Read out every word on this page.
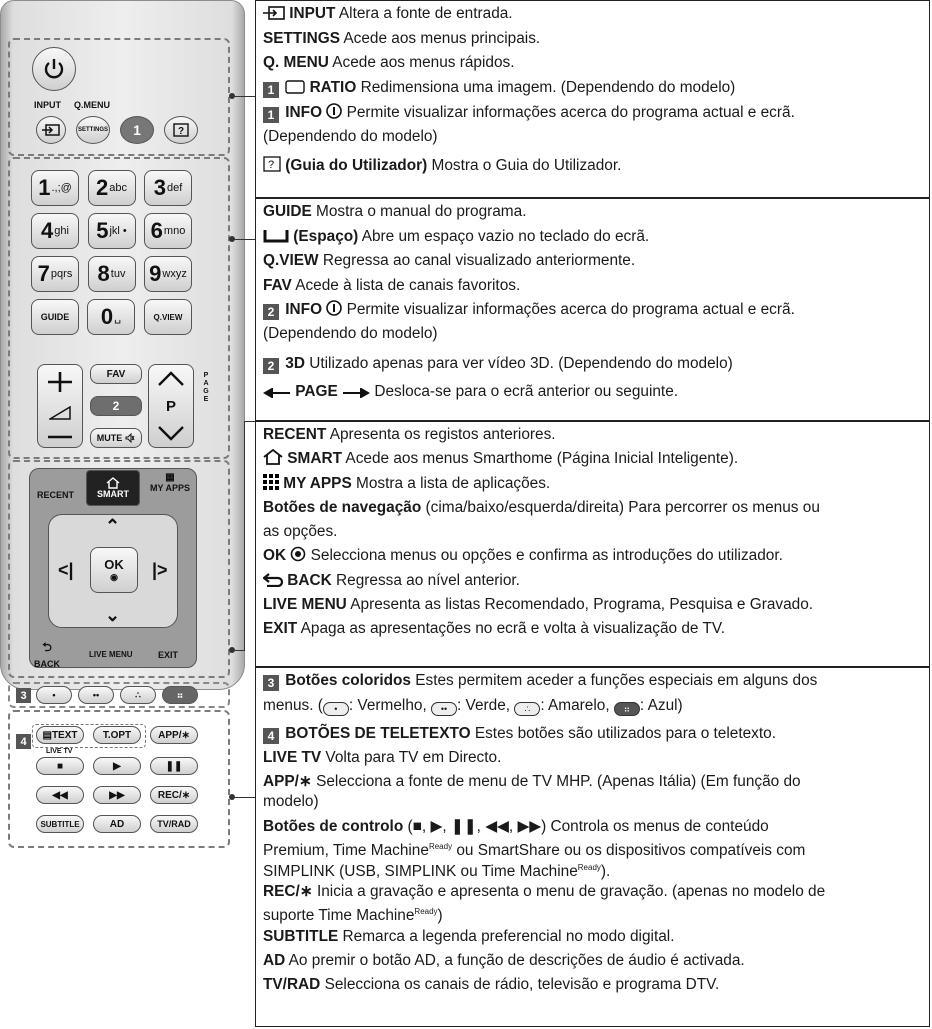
INPUT Q.MENU
SETTINGS	1	?
1 .,;@ 2 abc 3 def
4 ghi 5 jkl • 6 mno
7 pqrs 8 tuv 9 wxyz
GUIDE	0 ␣	Q.VIEW
FAV
2
MUTE
P
PAGE
RECENT	SMART
▦
MY APPS
⌃
<|	|>
⌄
OK
◉
⮌
BACK
LIVE MENU	EXIT
3	•	••	∴	⠶
4
▤ TEXT	T.OPT	APP/∗
LIVE TV
■	▶	❚❚
◀◀	▶▶	REC/∗
SUBTITLE	AD	TV/RAD
INPUT Altera a fonte de entrada.
SETTINGS Acede aos menus principais.
Q. MENU Acede aos menus rápidos.
1 RATIO Redimensiona uma imagem. (Dependendo do modelo)
1 INFO  Permite visualizar informações acerca do programa actual e ecrã.
(Dependendo do modelo)
? (Guia do Utilizador) Mostra o Guia do Utilizador.
GUIDE Mostra o manual do programa.
(Espaço) Abre um espaço vazio no teclado do ecrã.
Q.VIEW Regressa ao canal visualizado anteriormente.
FAV Acede à lista de canais favoritos.
2 INFO  Permite visualizar informações acerca do programa actual e ecrã.
(Dependendo do modelo)
2 3D Utilizado apenas para ver vídeo 3D. (Dependendo do modelo)
PAGE  Desloca-se para o ecrã anterior ou seguinte.
RECENT Apresenta os registos anteriores.
SMART Acede aos menus Smarthome (Página Inicial Inteligente).
MY APPS Mostra a lista de aplicações.
Botões de navegação (cima/baixo/esquerda/direita) Para percorrer os menus ou
as opções.
OK  Selecciona menus ou opções e confirma as introduções do utilizador.
BACK Regressa ao nível anterior.
LIVE MENU Apresenta as listas Recomendado, Programa, Pesquisa e Gravado.
EXIT Apaga as apresentações no ecrã e volta à visualização de TV.
3 Botões coloridos Estes permitem aceder a funções especiais em alguns dos
menus. ( • : Vermelho, •• : Verde, ∴ : Amarelo, ⠶ : Azul)
4 BOTÕES DE TELETEXTO Estes botões são utilizados para o teletexto.
LIVE TV Volta para TV em Directo.
APP/∗ Selecciona a fonte de menu de TV MHP. (Apenas Itália) (Em função do
modelo)
Botões de controlo (■, ▶, ❚❚, ◀◀, ▶▶) Controla os menus de conteúdo
Premium, Time Machine$^{Ready}$ ou SmartShare ou os dispositivos compatíveis com
SIMPLINK (USB, SIMPLINK ou Time Machine$^{Ready}$).
REC/∗ Inicia a gravação e apresenta o menu de gravação. (apenas no modelo de
suporte Time Machine$^{Ready}$)
SUBTITLE Remarca a legenda preferencial no modo digital.
AD Ao premir o botão AD, a função de descrições de áudio é activada.
TV/RAD Selecciona os canais de rádio, televisão e programa DTV.
